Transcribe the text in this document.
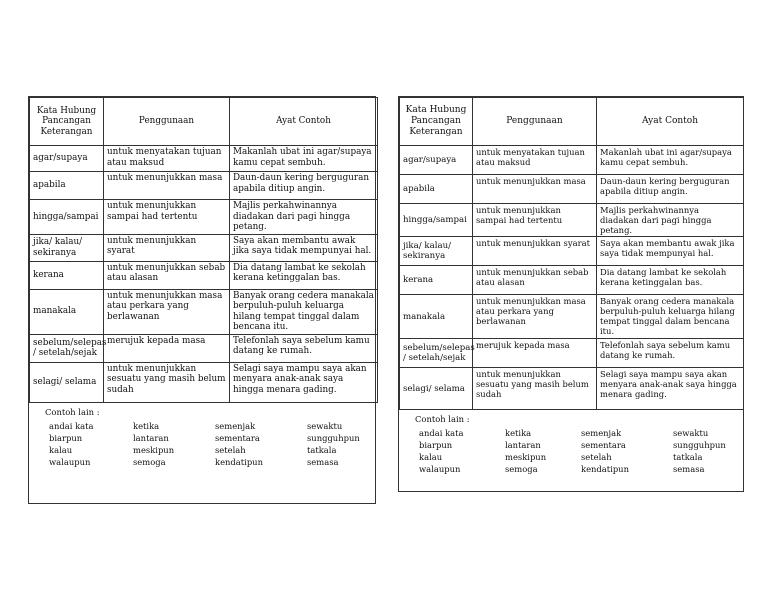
Kata Hubung
Pancangan
Keterangan	Penggunaan	Ayat Contoh
agar/supaya	untuk menyatakan tujuan atau maksud	Makanlah ubat ini agar/supaya kamu cepat sembuh.
apabila	untuk menunjukkan masa	Daun-daun kering berguguran apabila ditiup angin.
hingga/sampai	untuk menunjukkan sampai had tertentu	Majlis perkahwinannya diadakan dari pagi hingga petang.
jika/ kalau/ sekiranya	untuk menunjukkan syarat	Saya akan membantu awak jika saya tidak mempunyai hal.
kerana	untuk menunjukkan sebab atau alasan	Dia datang lambat ke sekolah kerana ketinggalan bas.
manakala	untuk menunjukkan masa atau perkara yang berlawanan	Banyak orang cedera manakala berpuluh-puluh keluarga hilang tempat tinggal dalam bencana itu.
sebelum/selepas / setelah/sejak	merujuk kepada masa	Telefonlah saya sebelum kamu datang ke rumah.
selagi/ selama	untuk menunjukkan sesuatu yang masih belum sudah	Selagi saya mampu saya akan menyara anak-anak saya hingga menara gading.
Contoh lain :
andai kata	ketika	semenjak	sewaktu
biarpun	lantaran	sementara	sungguhpun
kalau	meskipun	setelah	tatkala
walaupun	semoga	kendatipun	semasa
Kata Hubung
Pancangan
Keterangan	Penggunaan	Ayat Contoh
agar/supaya	untuk menyatakan tujuan atau maksud	Makanlah ubat ini agar/supaya kamu cepat sembuh.
apabila	untuk menunjukkan masa	Daun-daun kering berguguran apabila ditiup angin.
hingga/sampai	untuk menunjukkan sampai had tertentu	Majlis perkahwinannya diadakan dari pagi hingga petang.
jika/ kalau/ sekiranya	untuk menunjukkan syarat	Saya akan membantu awak jika saya tidak mempunyai hal.
kerana	untuk menunjukkan sebab atau alasan	Dia datang lambat ke sekolah kerana ketinggalan bas.
manakala	untuk menunjukkan masa atau perkara yang berlawanan	Banyak orang cedera manakala berpuluh-puluh keluarga hilang tempat tinggal dalam bencana itu.
sebelum/selepas / setelah/sejak	merujuk kepada masa	Telefonlah saya sebelum kamu datang ke rumah.
selagi/ selama	untuk menunjukkan sesuatu yang masih belum sudah	Selagi saya mampu saya akan menyara anak-anak saya hingga menara gading.
Contoh lain :
andai kata	ketika	semenjak	sewaktu
biarpun	lantaran	sementara	sungguhpun
kalau	meskipun	setelah	tatkala
walaupun	semoga	kendatipun	semasa
